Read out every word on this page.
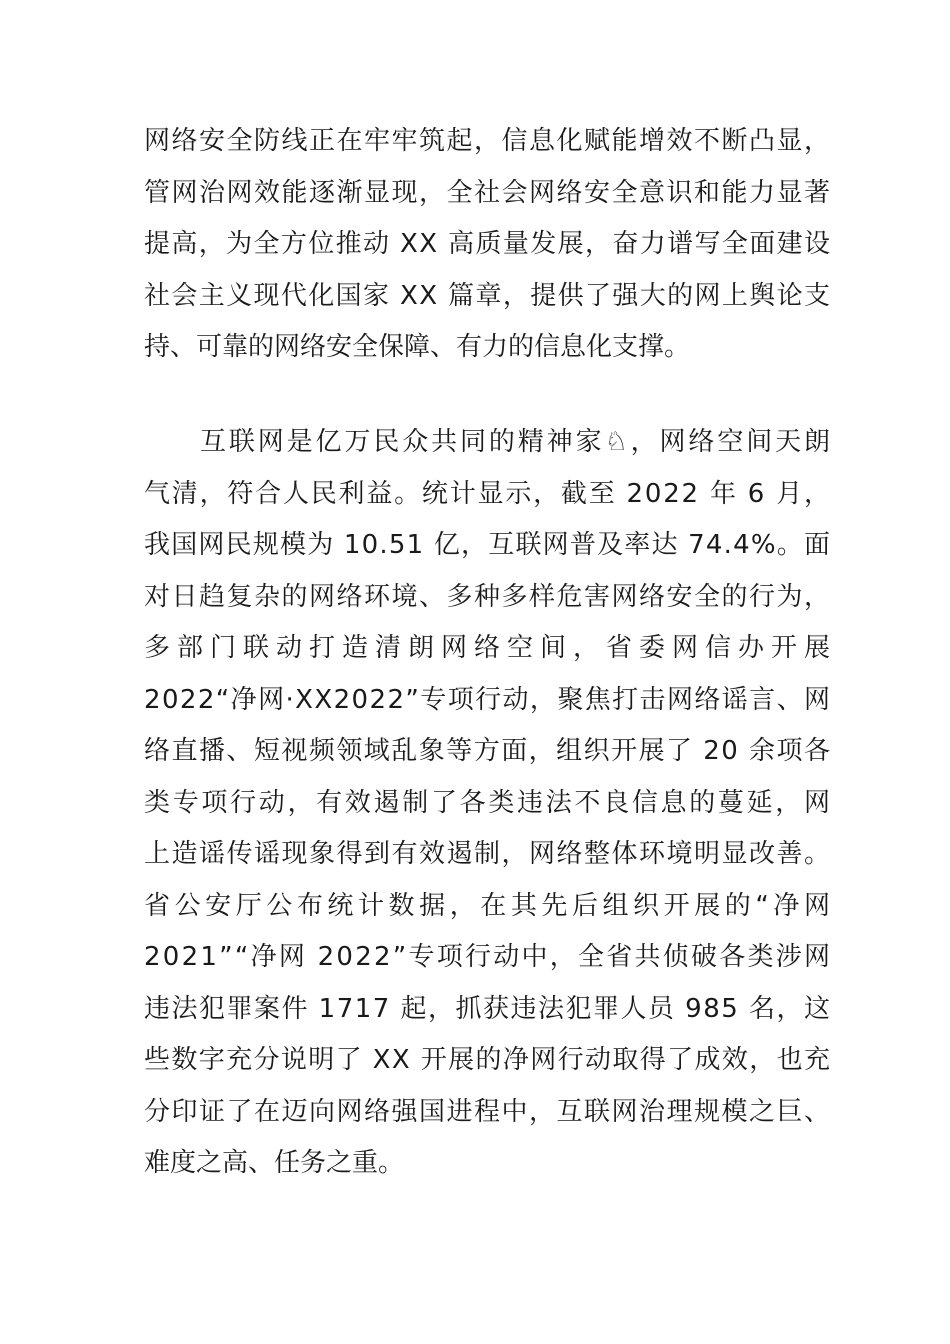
网络安全防线正在牢牢筑起，信息化赋能增效不断凸显，
管网治网效能逐渐显现，全社会网络安全意识和能力显著
提高，为全方位推动 XX 高质量发展，奋力谱写全面建设
社会主义现代化国家 XX 篇章，提供了强大的网上舆论支
持、可靠的网络安全保障、有力的信息化支撑。
互联网是亿万民众共同的精神家♘，网络空间天朗
气清，符合人民利益。统计显示，截至 2022 年 6 月，
我国网民规模为 10.51 亿，互联网普及率达 74.4%。面
对日趋复杂的网络环境、多种多样危害网络安全的行为，
多部门联动打造清朗网络空间，省委网信办开展
2022“净网·XX2022”专项行动，聚焦打击网络谣言、网
络直播、短视频领域乱象等方面，组织开展了 20 余项各
类专项行动，有效遏制了各类违法不良信息的蔓延，网
上造谣传谣现象得到有效遏制，网络整体环境明显改善。
省公安厅公布统计数据，在其先后组织开展的“净网
2021”“净网 2022”专项行动中，全省共侦破各类涉网
违法犯罪案件 1717 起，抓获违法犯罪人员 985 名，这
些数字充分说明了 XX 开展的净网行动取得了成效，也充
分印证了在迈向网络强国进程中，互联网治理规模之巨、
难度之高、任务之重。
